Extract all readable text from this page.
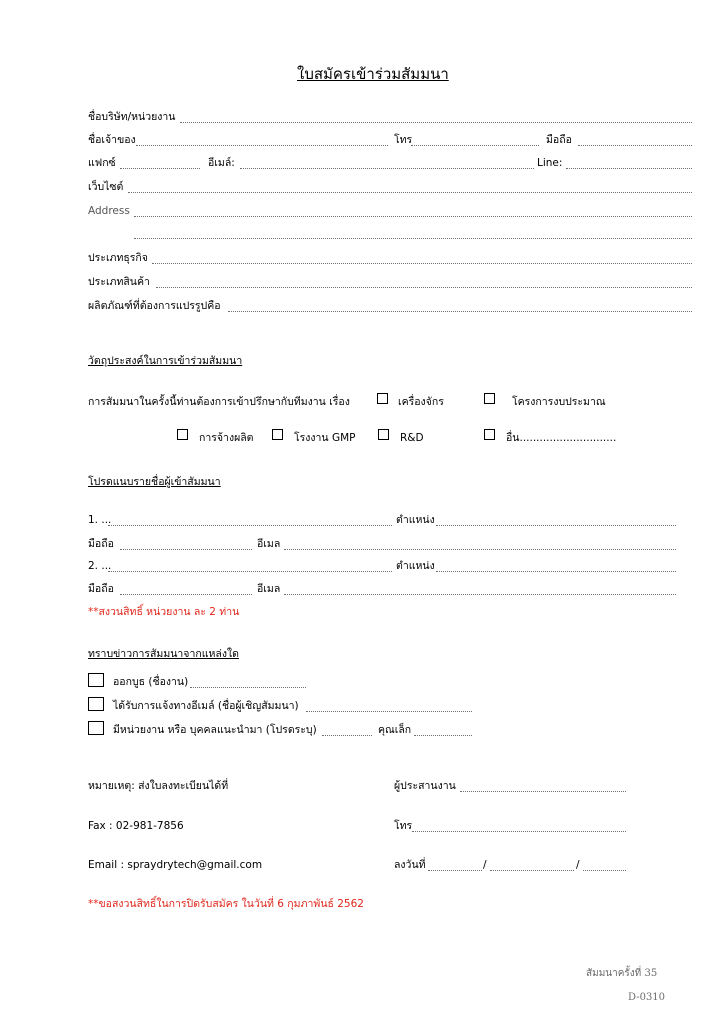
ใบสมัครเข้าร่วมสัมมนา
ชื่อบริษัท/หน่วยงาน
ชื่อเจ้าของ	โทร	มือถือ
แฟกซ์	อีเมล์:	Line:
เว็บไซต์
Address
ประเภทธุรกิจ
ประเภทสินค้า
ผลิตภัณฑ์ที่ต้องการแปรรูปคือ
วัตถุประสงค์ในการเข้าร่วมสัมมนา
การสัมมนาในครั้งนี้ท่านต้องการเข้าปรึกษากับทีมงาน เรื่อง	เครื่องจักร	โครงการงบประมาณ
การจ้างผลิต	โรงงาน GMP	R&D	อื่น.............................
โปรดแนบรายชื่อผู้เข้าสัมมนา
1. ...	ตำแหน่ง
มือถือ	อีเมล
2. ...	ตำแหน่ง
มือถือ	อีเมล
**สงวนสิทธิ์ หน่วยงาน ละ 2 ท่าน
ทราบข่าวการสัมมนาจากแหล่งใด
ออกบูธ (ชื่องาน)
ได้รับการแจ้งทางอีเมล์ (ชื่อผู้เชิญสัมมนา)
มีหน่วยงาน หรือ บุคคลแนะนำมา (โปรดระบุ)	คุณเล็ก
หมายเหตุ: ส่งใบลงทะเบียนได้ที่	ผู้ประสานงาน
Fax : 02-981-7856	โทร
Email : spraydrytech@gmail.com	ลงวันที่	/	/
**ขอสงวนสิทธิ์ในการปิดรับสมัคร ในวันที่ 6 กุมภาพันธ์ 2562
สัมมนาครั้งที่ 35
D-0310
